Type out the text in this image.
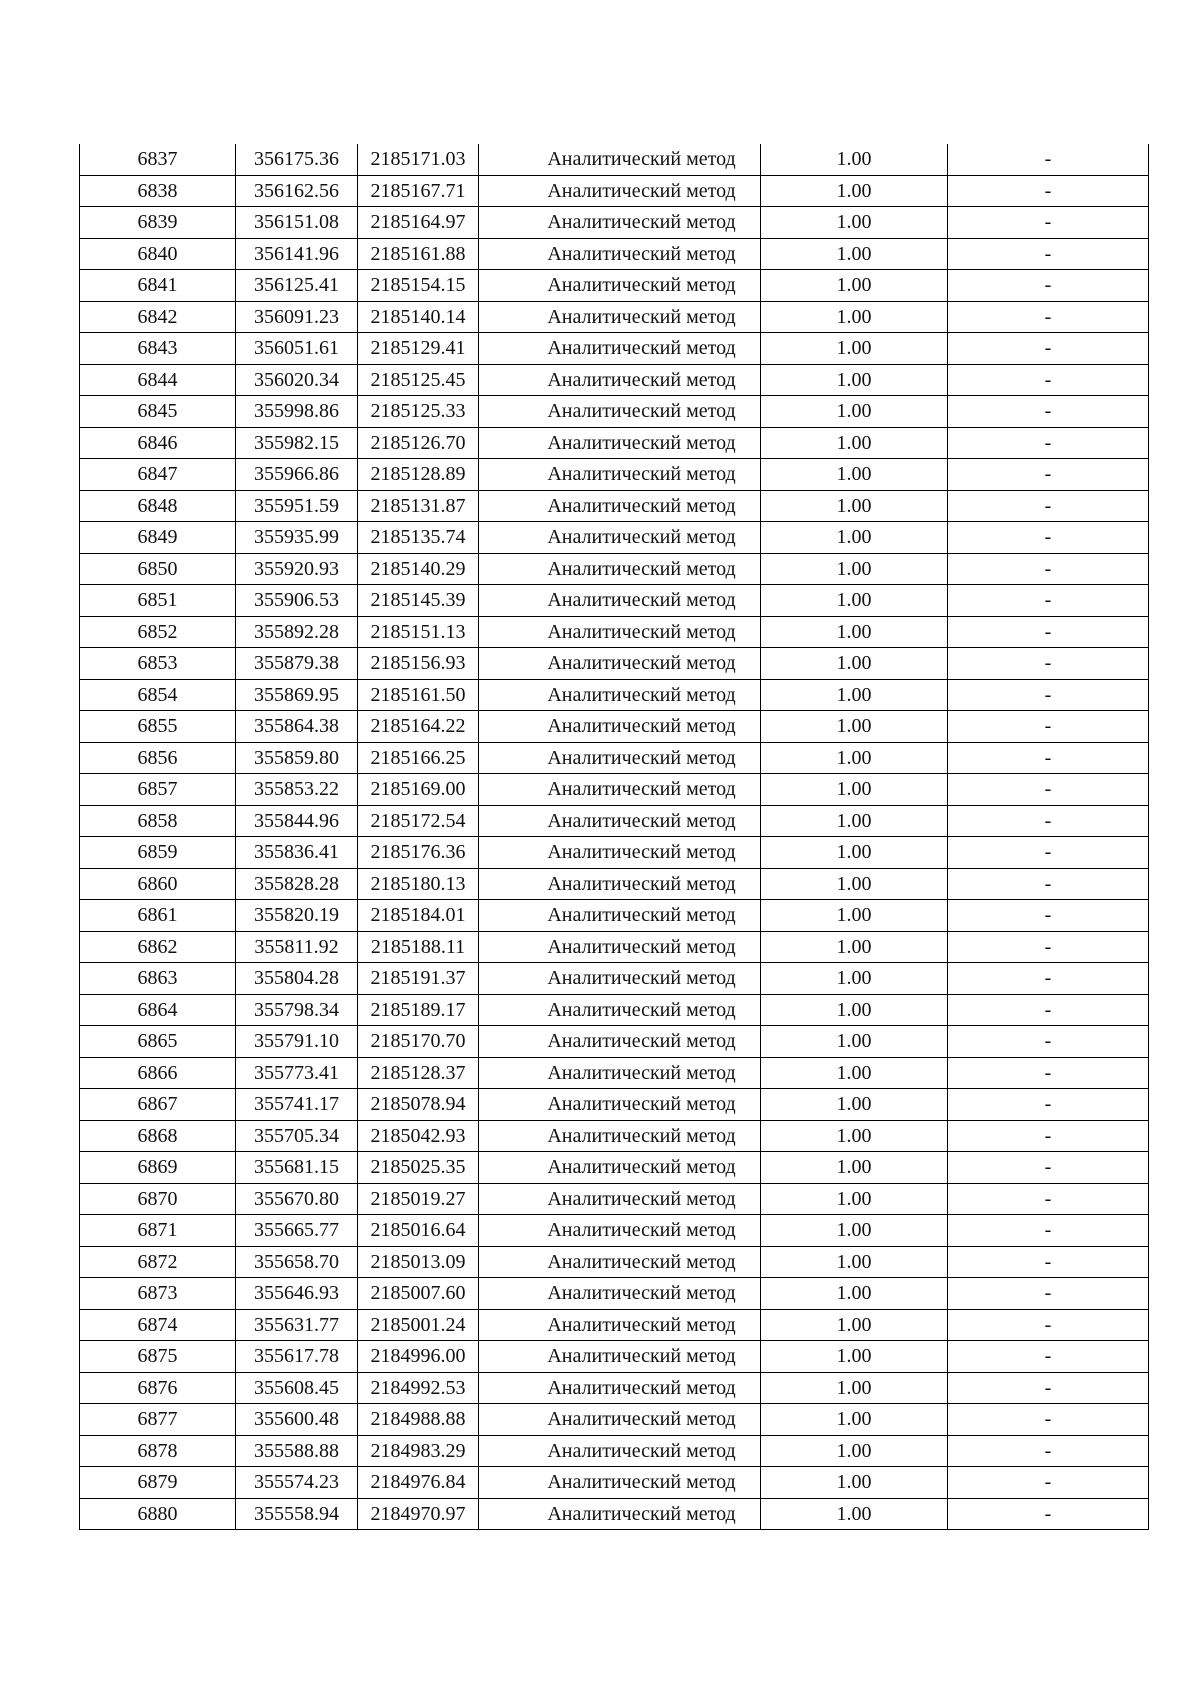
6837	356175.36	2185171.03	Аналитический метод	1.00	-
6838	356162.56	2185167.71	Аналитический метод	1.00	-
6839	356151.08	2185164.97	Аналитический метод	1.00	-
6840	356141.96	2185161.88	Аналитический метод	1.00	-
6841	356125.41	2185154.15	Аналитический метод	1.00	-
6842	356091.23	2185140.14	Аналитический метод	1.00	-
6843	356051.61	2185129.41	Аналитический метод	1.00	-
6844	356020.34	2185125.45	Аналитический метод	1.00	-
6845	355998.86	2185125.33	Аналитический метод	1.00	-
6846	355982.15	2185126.70	Аналитический метод	1.00	-
6847	355966.86	2185128.89	Аналитический метод	1.00	-
6848	355951.59	2185131.87	Аналитический метод	1.00	-
6849	355935.99	2185135.74	Аналитический метод	1.00	-
6850	355920.93	2185140.29	Аналитический метод	1.00	-
6851	355906.53	2185145.39	Аналитический метод	1.00	-
6852	355892.28	2185151.13	Аналитический метод	1.00	-
6853	355879.38	2185156.93	Аналитический метод	1.00	-
6854	355869.95	2185161.50	Аналитический метод	1.00	-
6855	355864.38	2185164.22	Аналитический метод	1.00	-
6856	355859.80	2185166.25	Аналитический метод	1.00	-
6857	355853.22	2185169.00	Аналитический метод	1.00	-
6858	355844.96	2185172.54	Аналитический метод	1.00	-
6859	355836.41	2185176.36	Аналитический метод	1.00	-
6860	355828.28	2185180.13	Аналитический метод	1.00	-
6861	355820.19	2185184.01	Аналитический метод	1.00	-
6862	355811.92	2185188.11	Аналитический метод	1.00	-
6863	355804.28	2185191.37	Аналитический метод	1.00	-
6864	355798.34	2185189.17	Аналитический метод	1.00	-
6865	355791.10	2185170.70	Аналитический метод	1.00	-
6866	355773.41	2185128.37	Аналитический метод	1.00	-
6867	355741.17	2185078.94	Аналитический метод	1.00	-
6868	355705.34	2185042.93	Аналитический метод	1.00	-
6869	355681.15	2185025.35	Аналитический метод	1.00	-
6870	355670.80	2185019.27	Аналитический метод	1.00	-
6871	355665.77	2185016.64	Аналитический метод	1.00	-
6872	355658.70	2185013.09	Аналитический метод	1.00	-
6873	355646.93	2185007.60	Аналитический метод	1.00	-
6874	355631.77	2185001.24	Аналитический метод	1.00	-
6875	355617.78	2184996.00	Аналитический метод	1.00	-
6876	355608.45	2184992.53	Аналитический метод	1.00	-
6877	355600.48	2184988.88	Аналитический метод	1.00	-
6878	355588.88	2184983.29	Аналитический метод	1.00	-
6879	355574.23	2184976.84	Аналитический метод	1.00	-
6880	355558.94	2184970.97	Аналитический метод	1.00	-
